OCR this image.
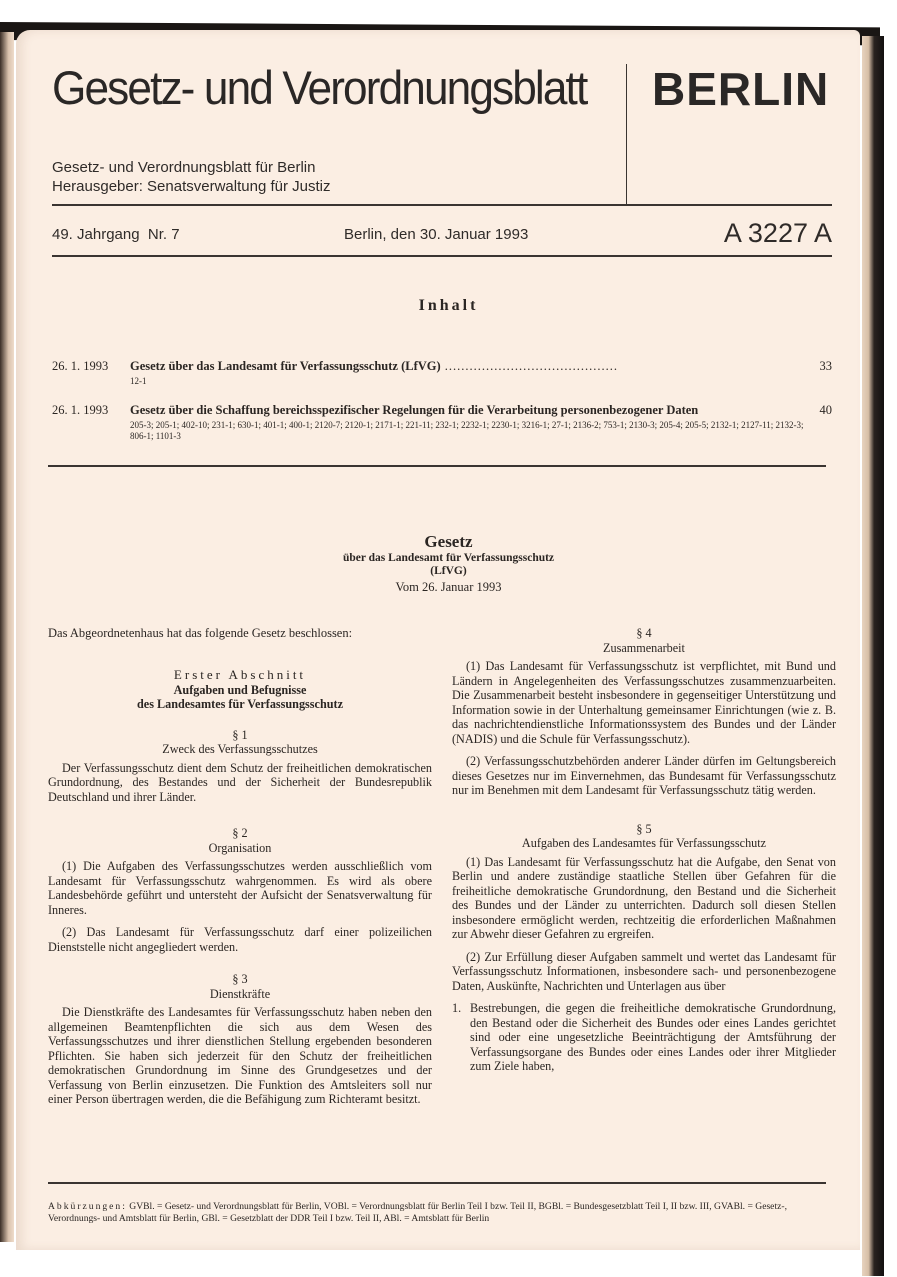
Gesetz- und Verordnungsblatt BERLIN
Gesetz- und Verordnungsblatt für Berlin
Herausgeber: Senatsverwaltung für Justiz
49. Jahrgang  Nr. 7	Berlin, den 30. Januar 1993	A 3227 A
Inhalt
26. 1. 1993 Gesetz über das Landesamt für Verfassungsschutz (LfVG) ..........................................	33
12-1
26. 1. 1993 Gesetz über die Schaffung bereichsspezifischer Regelungen für die Verarbeitung personenbezogener Daten	40
205-3; 205-1; 402-10; 231-1; 630-1; 401-1; 400-1; 2120-7; 2120-1; 2171-1; 221-11; 232-1; 2232-1; 2230-1; 3216-1; 27-1; 2136-2; 753-1; 2130-3; 205-4; 205-5; 2132-1; 2127-11; 2132-3; 806-1; 1101-3
Gesetz
über das Landesamt für Verfassungsschutz
(LfVG)
Vom 26. Januar 1993
Das Abgeordnetenhaus hat das folgende Gesetz beschlossen:
Erster Abschnitt
Aufgaben und Befugnisse
des Landesamtes für Verfassungsschutz
§ 1
Zweck des Verfassungsschutzes

Der Verfassungsschutz dient dem Schutz der freiheitlichen demokratischen Grundordnung, des Bestandes und der Sicherheit der Bundesrepublik Deutschland und ihrer Länder.

§ 2
Organisation

(1) Die Aufgaben des Verfassungsschutzes werden ausschließlich vom Landesamt für Verfassungsschutz wahrgenommen. Es wird als obere Landesbehörde geführt und untersteht der Aufsicht der Senatsverwaltung für Inneres.

(2) Das Landesamt für Verfassungsschutz darf einer polizeilichen Dienststelle nicht angegliedert werden.

§ 3
Dienstkräfte

Die Dienstkräfte des Landesamtes für Verfassungsschutz haben neben den allgemeinen Beamtenpflichten die sich aus dem Wesen des Verfassungsschutzes und ihrer dienstlichen Stellung ergebenden besonderen Pflichten. Sie haben sich jederzeit für den Schutz der freiheitlichen demokratischen Grundordnung im Sinne des Grundgesetzes und der Verfassung von Berlin einzusetzen. Die Funktion des Amtsleiters soll nur einer Person übertragen werden, die die Befähigung zum Richteramt besitzt.

§ 4
Zusammenarbeit

(1) Das Landesamt für Verfassungsschutz ist verpflichtet, mit Bund und Ländern in Angelegenheiten des Verfassungsschutzes zusammenzuarbeiten. Die Zusammenarbeit besteht insbesondere in gegenseitiger Unterstützung und Information sowie in der Unterhaltung gemeinsamer Einrichtungen (wie z. B. das nachrichtendienstliche Informationssystem des Bundes und der Länder (NADIS) und die Schule für Verfassungsschutz).

(2) Verfassungsschutzbehörden anderer Länder dürfen im Geltungsbereich dieses Gesetzes nur im Einvernehmen, das Bundesamt für Verfassungsschutz nur im Benehmen mit dem Landesamt für Verfassungsschutz tätig werden.

§ 5
Aufgaben des Landesamtes für Verfassungsschutz

(1) Das Landesamt für Verfassungsschutz hat die Aufgabe, den Senat von Berlin und andere zuständige staatliche Stellen über Gefahren für die freiheitliche demokratische Grundordnung, den Bestand und die Sicherheit des Bundes und der Länder zu unterrichten. Dadurch soll diesen Stellen insbesondere ermöglicht werden, rechtzeitig die erforderlichen Maßnahmen zur Abwehr dieser Gefahren zu ergreifen.

(2) Zur Erfüllung dieser Aufgaben sammelt und wertet das Landesamt für Verfassungsschutz Informationen, insbesondere sach- und personenbezogene Daten, Auskünfte, Nachrichten und Unterlagen aus über

1. Bestrebungen, die gegen die freiheitliche demokratische Grundordnung, den Bestand oder die Sicherheit des Bundes oder eines Landes gerichtet sind oder eine ungesetzliche Beeinträchtigung der Amtsführung der Verfassungsorgane des Bundes oder eines Landes oder ihrer Mitglieder zum Ziele haben,
Abkürzungen: GVBl. = Gesetz- und Verordnungsblatt für Berlin, VOBl. = Verordnungsblatt für Berlin Teil I bzw. Teil II, BGBl. = Bundesgesetzblatt Teil I, II bzw. III, GVABl. = Gesetz-, Verordnungs- und Amtsblatt für Berlin, GBl. = Gesetzblatt der DDR Teil I bzw. Teil II, ABl. = Amtsblatt für Berlin
